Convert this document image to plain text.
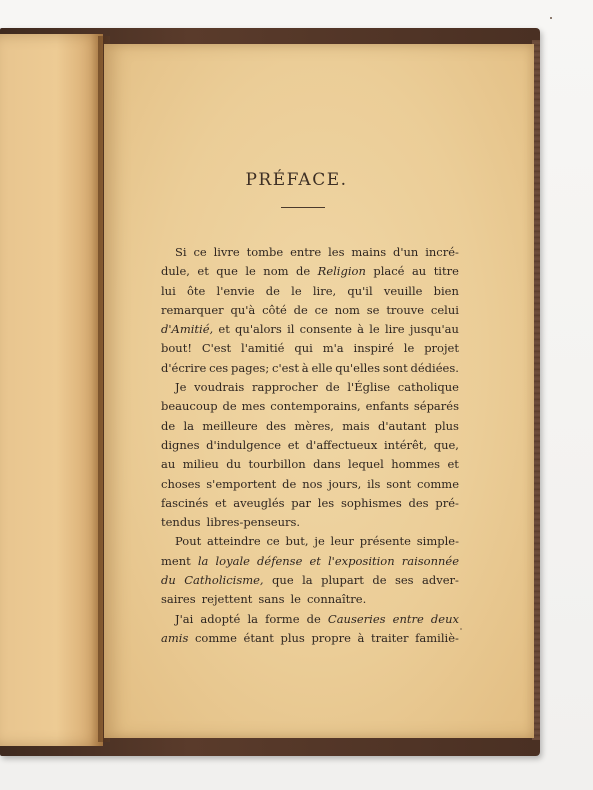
PRÉFACE.
Si ce livre tombe entre les mains d'un incré-
dule, et que le nom de Religion placé au titre
lui ôte l'envie de le lire, qu'il veuille bien
remarquer qu'à côté de ce nom se trouve celui
d'Amitié, et qu'alors il consente à le lire jusqu'au
bout! C'est l'amitié qui m'a inspiré le projet
d'écrire ces pages; c'est à elle qu'elles sont dédiées.
Je voudrais rapprocher de l'Église catholique
beaucoup de mes contemporains, enfants séparés
de la meilleure des mères, mais d'autant plus
dignes d'indulgence et d'affectueux intérêt, que,
au milieu du tourbillon dans lequel hommes et
choses s'emportent de nos jours, ils sont comme
fascinés et aveuglés par les sophismes des pré-
tendus libres-penseurs.
Pout atteindre ce but, je leur présente simple-
ment la loyale défense et l'exposition raisonnée
du Catholicisme, que la plupart de ses adver-
saires rejettent sans le connaître.
J'ai adopté la forme de Causeries entre deux
amis comme étant plus propre à traiter familiè-
